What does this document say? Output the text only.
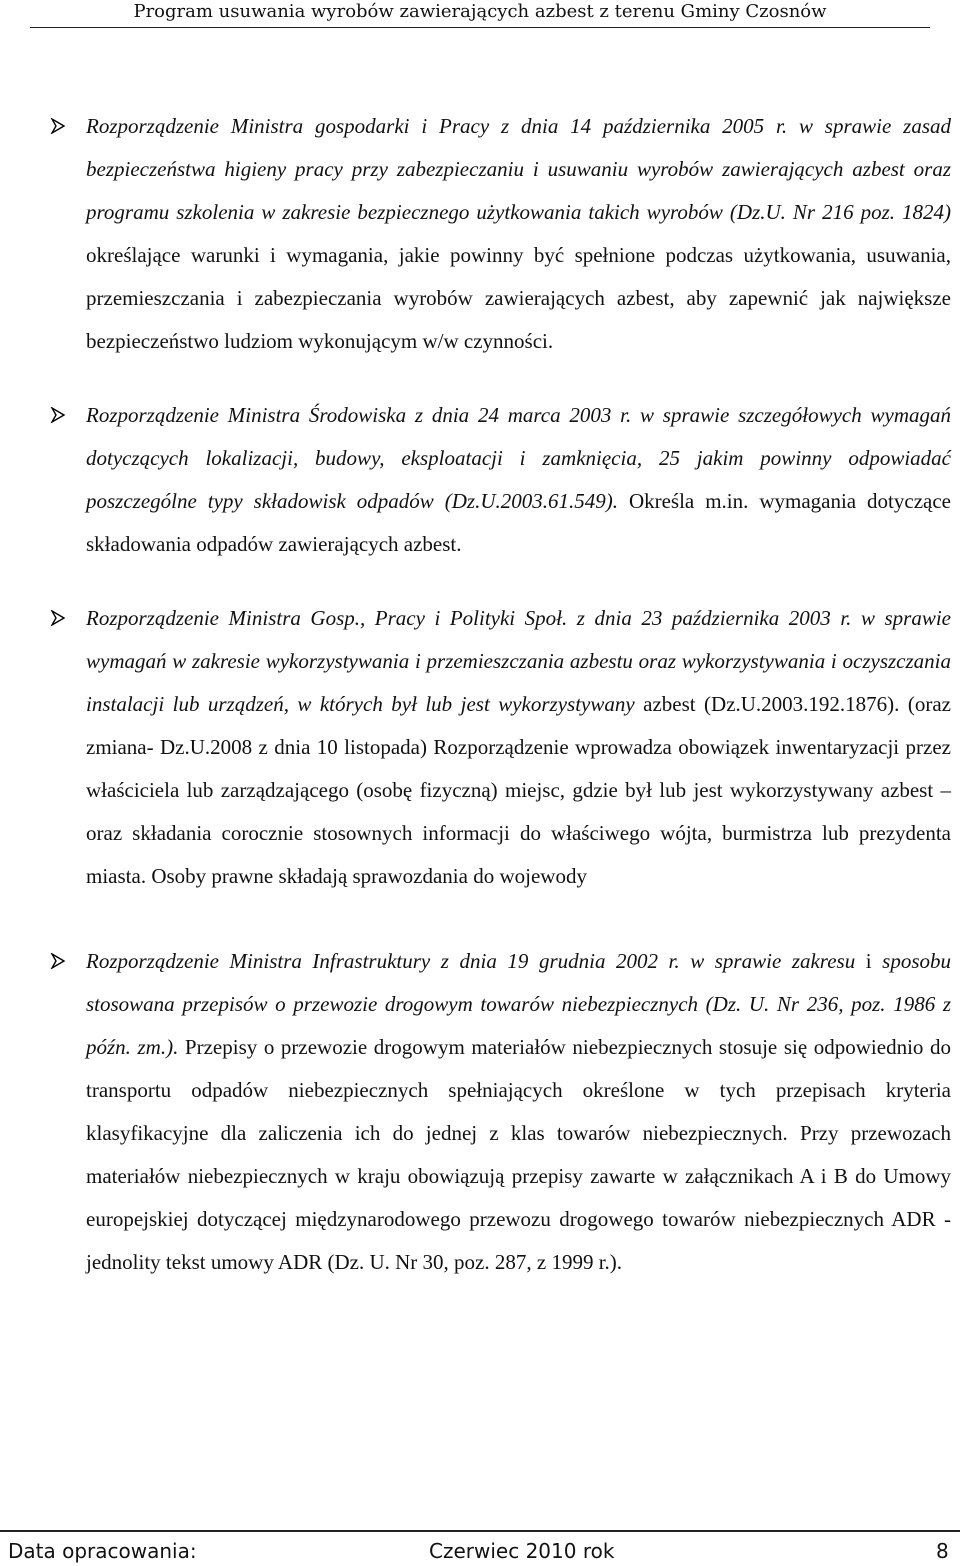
Program usuwania wyrobów zawierających azbest z terenu Gminy Czosnów
Rozporządzenie Ministra gospodarki i Pracy z dnia 14 października 2005 r. w sprawie zasad bezpieczeństwa higieny pracy przy zabezpieczaniu i usuwaniu wyrobów zawierających azbest oraz programu szkolenia w zakresie bezpiecznego użytkowania takich wyrobów (Dz.U. Nr 216 poz. 1824) określające warunki i wymagania, jakie powinny być spełnione podczas użytkowania, usuwania, przemieszczania i zabezpieczania wyrobów zawierających azbest, aby zapewnić jak największe bezpieczeństwo ludziom wykonującym w/w czynności.
Rozporządzenie Ministra Środowiska z dnia 24 marca 2003 r. w sprawie szczegółowych wymagań dotyczących lokalizacji, budowy, eksploatacji i zamknięcia, 25 jakim powinny odpowiadać poszczególne typy składowisk odpadów (Dz.U.2003.61.549). Określa m.in. wymagania dotyczące składowania odpadów zawierających azbest.
Rozporządzenie Ministra Gosp., Pracy i Polityki Społ. z dnia 23 października 2003 r. w sprawie wymagań w zakresie wykorzystywania i przemieszczania azbestu oraz wykorzystywania i oczyszczania instalacji lub urządzeń, w których był lub jest wykorzystywany azbest (Dz.U.2003.192.1876). (oraz zmiana- Dz.U.2008 z dnia 10 listopada) Rozporządzenie wprowadza obowiązek inwentaryzacji przez właściciela lub zarządzającego (osobę fizyczną) miejsc, gdzie był lub jest wykorzystywany azbest – oraz składania corocznie stosownych informacji do właściwego wójta, burmistrza lub prezydenta miasta. Osoby prawne składają sprawozdania do wojewody
Rozporządzenie Ministra Infrastruktury z dnia 19 grudnia 2002 r. w sprawie zakresu i sposobu stosowana przepisów o przewozie drogowym towarów niebezpiecznych (Dz. U. Nr 236, poz. 1986 z późn. zm.). Przepisy o przewozie drogowym materiałów niebezpiecznych stosuje się odpowiednio do transportu odpadów niebezpiecznych spełniających określone w tych przepisach kryteria klasyfikacyjne dla zaliczenia ich do jednej z klas towarów niebezpiecznych. Przy przewozach materiałów niebezpiecznych w kraju obowiązują przepisy zawarte w załącznikach A i B do Umowy europejskiej dotyczącej międzynarodowego przewozu drogowego towarów niebezpiecznych ADR - jednolity tekst umowy ADR (Dz. U. Nr 30, poz. 287, z 1999 r.).
Data opracowania:	Czerwiec 2010 rok	8
